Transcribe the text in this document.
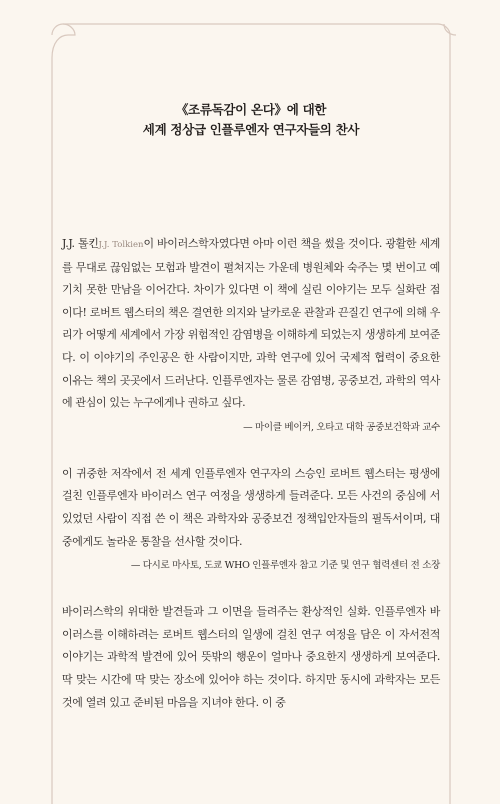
《조류독감이 온다》에 대한
세계 정상급 인플루엔자 연구자들의 찬사

J.J. 톨킨J.J. Tolkien이 바이러스학자였다면 아마 이런 책을 썼을 것이다. 광활한 세계를 무대로 끊임없는 모험과 발견이 펼쳐지는 가운데 병원체와 숙주는 몇 번이고 예기치 못한 만남을 이어간다. 차이가 있다면 이 책에 실린 이야기는 모두 실화란 점이다! 로버트 웹스터의 책은 결연한 의지와 날카로운 관찰과 끈질긴 연구에 의해 우리가 어떻게 세계에서 가장 위험적인 감염병을 이해하게 되었는지 생생하게 보여준다. 이 이야기의 주인공은 한 사람이지만, 과학 연구에 있어 국제적 협력이 중요한 이유는 책의 곳곳에서 드러난다. 인플루엔자는 물론 감염병, 공중보건, 과학의 역사에 관심이 있는 누구에게나 권하고 싶다.

— 마이클 베이커, 오타고 대학 공중보건학과 교수

이 귀중한 저작에서 전 세계 인플루엔자 연구자의 스승인 로버트 웹스터는 평생에 걸친 인플루엔자 바이러스 연구 여정을 생생하게 들려준다. 모든 사건의 중심에 서 있었던 사람이 직접 쓴 이 책은 과학자와 공중보건 정책입안자들의 필독서이며, 대중에게도 놀라운 통찰을 선사할 것이다.

— 다시로 마사토, 도쿄 WHO 인플루엔자 참고 기준 및 연구 협력센터 전 소장

바이러스학의 위대한 발견들과 그 이면을 들려주는 환상적인 실화. 인플루엔자 바이러스를 이해하려는 로버트 웹스터의 일생에 걸친 연구 여정을 담은 이 자서전적 이야기는 과학적 발견에 있어 뜻밖의 행운이 얼마나 중요한지 생생하게 보여준다. 딱 맞는 시간에 딱 맞는 장소에 있어야 하는 것이다. 하지만 동시에 과학자는 모든 것에 열려 있고 준비된 마음을 지녀야 한다. 이 중
